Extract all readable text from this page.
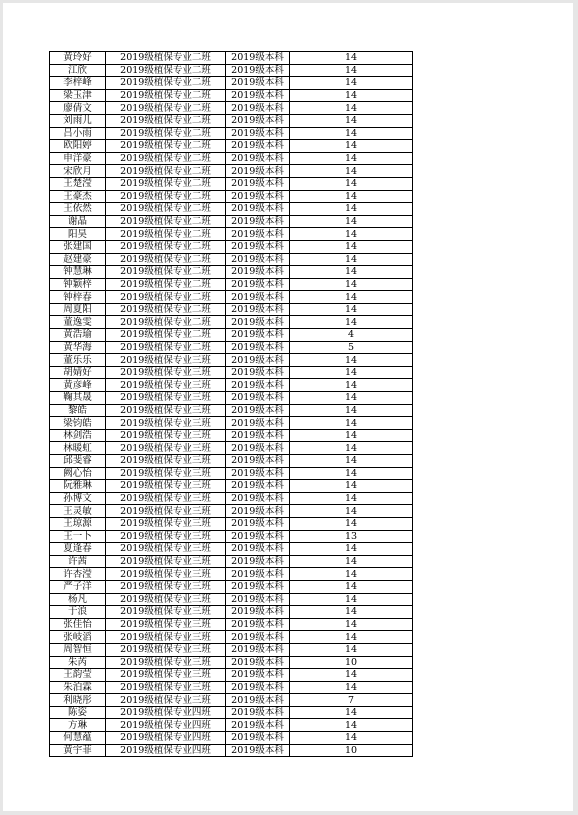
黄玲好	2019级植保专业二班	2019级本科	14
江欣	2019级植保专业二班	2019级本科	14
李梓峰	2019级植保专业二班	2019级本科	14
梁玉津	2019级植保专业二班	2019级本科	14
廖倩文	2019级植保专业二班	2019级本科	14
刘雨儿	2019级植保专业二班	2019级本科	14
吕小雨	2019级植保专业二班	2019级本科	14
欧阳婷	2019级植保专业二班	2019级本科	14
申洋豪	2019级植保专业二班	2019级本科	14
宋欣月	2019级植保专业二班	2019级本科	14
王楚滢	2019级植保专业二班	2019级本科	14
王豪杰	2019级植保专业二班	2019级本科	14
王依然	2019级植保专业二班	2019级本科	14
谢晶	2019级植保专业二班	2019级本科	14
阳昊	2019级植保专业二班	2019级本科	14
张建国	2019级植保专业二班	2019级本科	14
赵建豪	2019级植保专业二班	2019级本科	14
钟慧琳	2019级植保专业二班	2019级本科	14
钟颖梓	2019级植保专业二班	2019级本科	14
钟梓春	2019级植保专业二班	2019级本科	14
周夏阳	2019级植保专业二班	2019级本科	14
董逸雯	2019级植保专业二班	2019级本科	14
黄浩瑜	2019级植保专业二班	2019级本科	4
黄华海	2019级植保专业二班	2019级本科	5
董乐乐	2019级植保专业三班	2019级本科	14
胡婧好	2019级植保专业三班	2019级本科	14
黄彦峰	2019级植保专业三班	2019级本科	14
鞠其晟	2019级植保专业三班	2019级本科	14
黎皓	2019级植保专业三班	2019级本科	14
梁钧皓	2019级植保专业三班	2019级本科	14
林剑浩	2019级植保专业三班	2019级本科	14
林暖虹	2019级植保专业三班	2019级本科	14
邱斐睿	2019级植保专业三班	2019级本科	14
阙心怡	2019级植保专业三班	2019级本科	14
阮雅琳	2019级植保专业三班	2019级本科	14
孙博文	2019级植保专业三班	2019级本科	14
王灵敏	2019级植保专业三班	2019级本科	14
王琼源	2019级植保专业三班	2019级本科	14
王一卜	2019级植保专业三班	2019级本科	13
夏逢春	2019级植保专业三班	2019级本科	14
许茜	2019级植保专业三班	2019级本科	14
许杏滢	2019级植保专业三班	2019级本科	14
严子洋	2019级植保专业三班	2019级本科	14
杨凡	2019级植保专业三班	2019级本科	14
于浪	2019级植保专业三班	2019级本科	14
张佳怡	2019级植保专业三班	2019级本科	14
张岐滔	2019级植保专业三班	2019级本科	14
周智恒	2019级植保专业三班	2019级本科	14
朱芮	2019级植保专业三班	2019级本科	10
王韵莹	2019级植保专业三班	2019级本科	14
朱泊霖	2019级植保专业三班	2019级本科	14
利晓彤	2019级植保专业三班	2019级本科	7
陈姿	2019级植保专业四班	2019级本科	14
方琳	2019级植保专业四班	2019级本科	14
何慧蕴	2019级植保专业四班	2019级本科	14
黄宇菲	2019级植保专业四班	2019级本科	10
